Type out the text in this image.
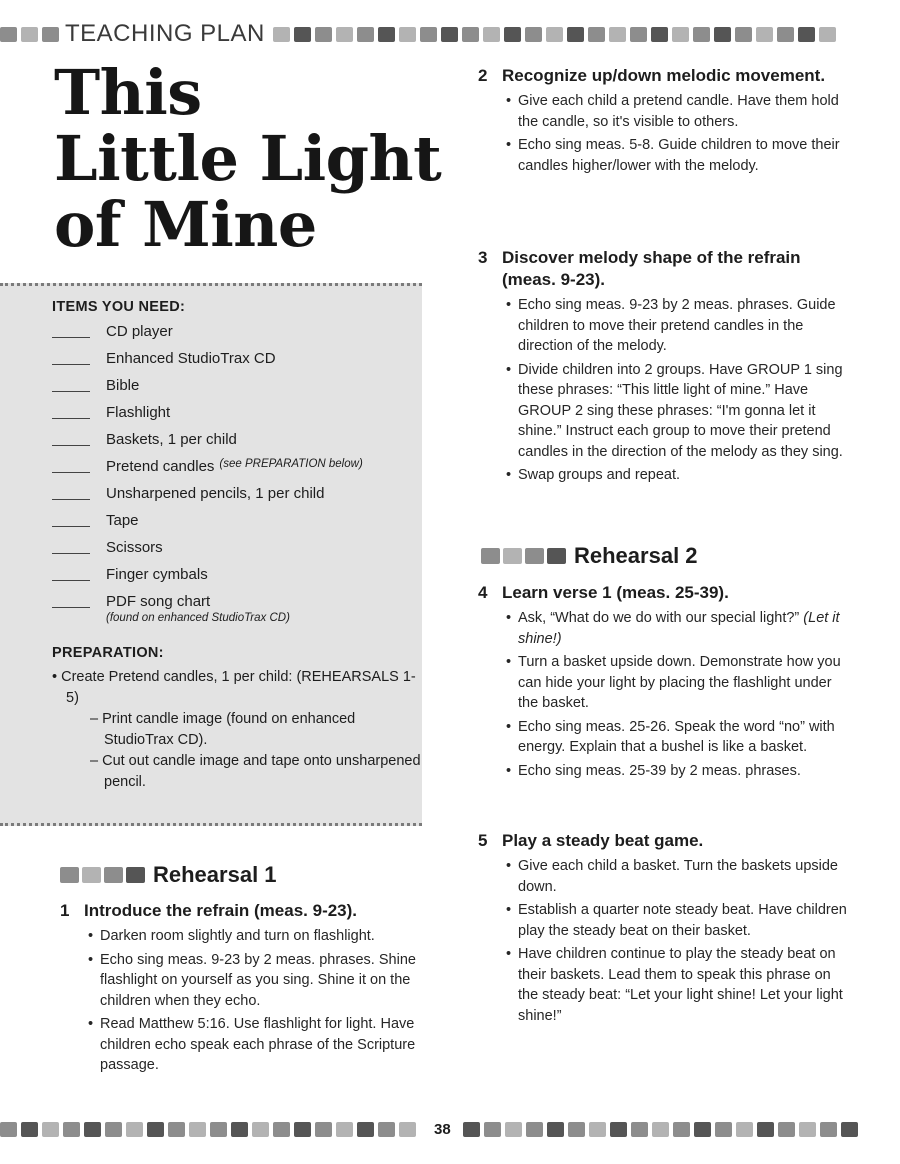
TEACHING PLAN
This
Little Light
of Mine
ITEMS YOU NEED:
CD player
Enhanced StudioTrax CD
Bible
Flashlight
Baskets, 1 per child
Pretend candles (see PREPARATION below)
Unsharpened pencils, 1 per child
Tape
Scissors
Finger cymbals
PDF song chart
(found on enhanced StudioTrax CD)
PREPARATION:
• Create Pretend candles, 1 per child: (REHEARSALS 1-5)
– Print candle image (found on enhanced StudioTrax CD).
– Cut out candle image and tape onto unsharpened pencil.
Rehearsal 1
1 Introduce the refrain (meas. 9-23).
• Darken room slightly and turn on flashlight.
• Echo sing meas. 9-23 by 2 meas. phrases. Shine flashlight on yourself as you sing. Shine it on the children when they echo.
• Read Matthew 5:16. Use flashlight for light. Have children echo speak each phrase of the Scripture passage.
2 Recognize up/down melodic movement.
• Give each child a pretend candle. Have them hold the candle, so it's visible to others.
• Echo sing meas. 5-8. Guide children to move their candles higher/lower with the melody.
3 Discover melody shape of the refrain (meas. 9-23).
• Echo sing meas. 9-23 by 2 meas. phrases. Guide children to move their pretend candles in the direction of the melody.
• Divide children into 2 groups. Have GROUP 1 sing these phrases: “This little light of mine.” Have GROUP 2 sing these phrases: “I'm gonna let it shine.” Instruct each group to move their pretend candles in the direction of the melody as they sing.
• Swap groups and repeat.
Rehearsal 2
4 Learn verse 1 (meas. 25-39).
• Ask, “What do we do with our special light?” (Let it shine!)
• Turn a basket upside down. Demonstrate how you can hide your light by placing the flashlight under the basket.
• Echo sing meas. 25-26. Speak the word “no” with energy. Explain that a bushel is like a basket.
• Echo sing meas. 25-39 by 2 meas. phrases.
5 Play a steady beat game.
• Give each child a basket. Turn the baskets upside down.
• Establish a quarter note steady beat. Have children play the steady beat on their basket.
• Have children continue to play the steady beat on their baskets. Lead them to speak this phrase on the steady beat: “Let your light shine! Let your light shine!”
38
